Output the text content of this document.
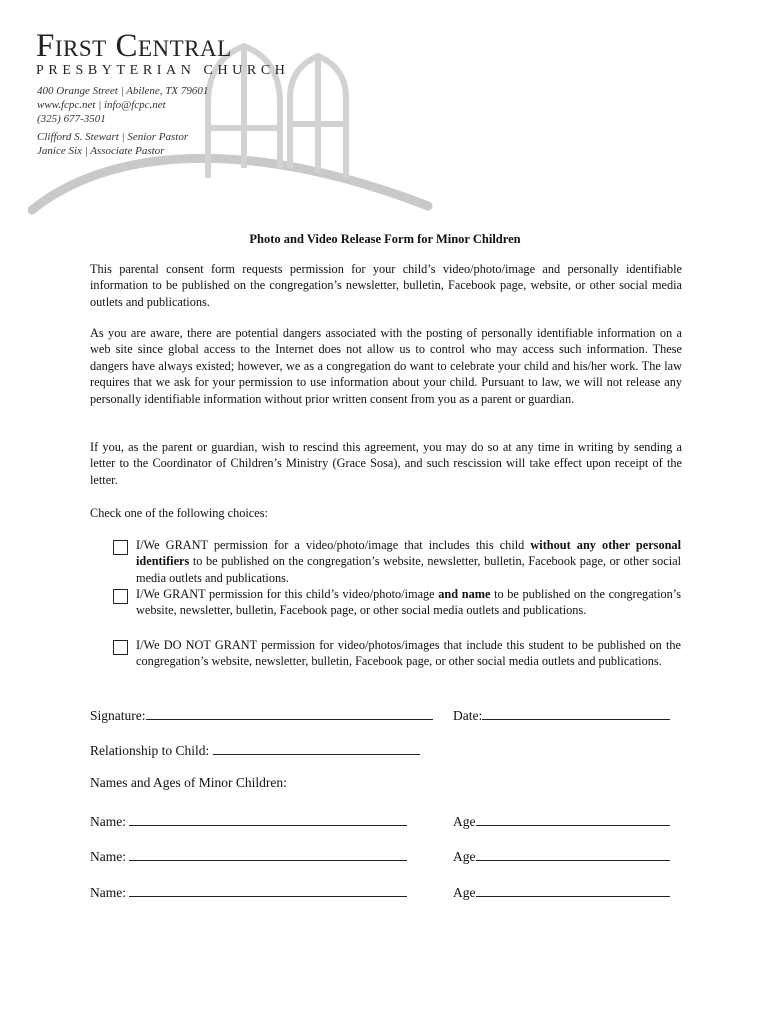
First Central
PRESBYTERIAN CHURCH
400 Orange Street | Abilene, TX 79601
www.fcpc.net | info@fcpc.net
(325) 677-3501
Clifford S. Stewart | Senior Pastor
Janice Six | Associate Pastor
Photo and Video Release Form for Minor Children

This parental consent form requests permission for your child’s video/photo/image and personally identifiable information to be published on the congregation’s newsletter, bulletin, Facebook page, website, or other social media outlets and publications.

As you are aware, there are potential dangers associated with the posting of personally identifiable information on a web site since global access to the Internet does not allow us to control who may access such information. These dangers have always existed; however, we as a congregation do want to celebrate your child and his/her work. The law requires that we ask for your permission to use information about your child. Pursuant to law, we will not release any personally identifiable information without prior written consent from you as a parent or guardian.

If you, as the parent or guardian, wish to rescind this agreement, you may do so at any time in writing by sending a letter to the Coordinator of Children’s Ministry (Grace Sosa), and such rescission will take effect upon receipt of the letter.

Check one of the following choices:

I/We GRANT permission for a video/photo/image that includes this child without any other personal identifiers to be published on the congregation’s website, newsletter, bulletin, Facebook page, or other social media outlets and publications.

I/We GRANT permission for this child’s video/photo/image and name to be published on the congregation’s website, newsletter, bulletin, Facebook page, or other social media outlets and publications.

I/We DO NOT GRANT permission for video/photos/images that include this student to be published on the congregation’s website, newsletter, bulletin, Facebook page, or other social media outlets and publications.

Signature:	Date:
Relationship to Child:
Names and Ages of Minor Children:
Name:	Age
Name:	Age
Name:	Age
